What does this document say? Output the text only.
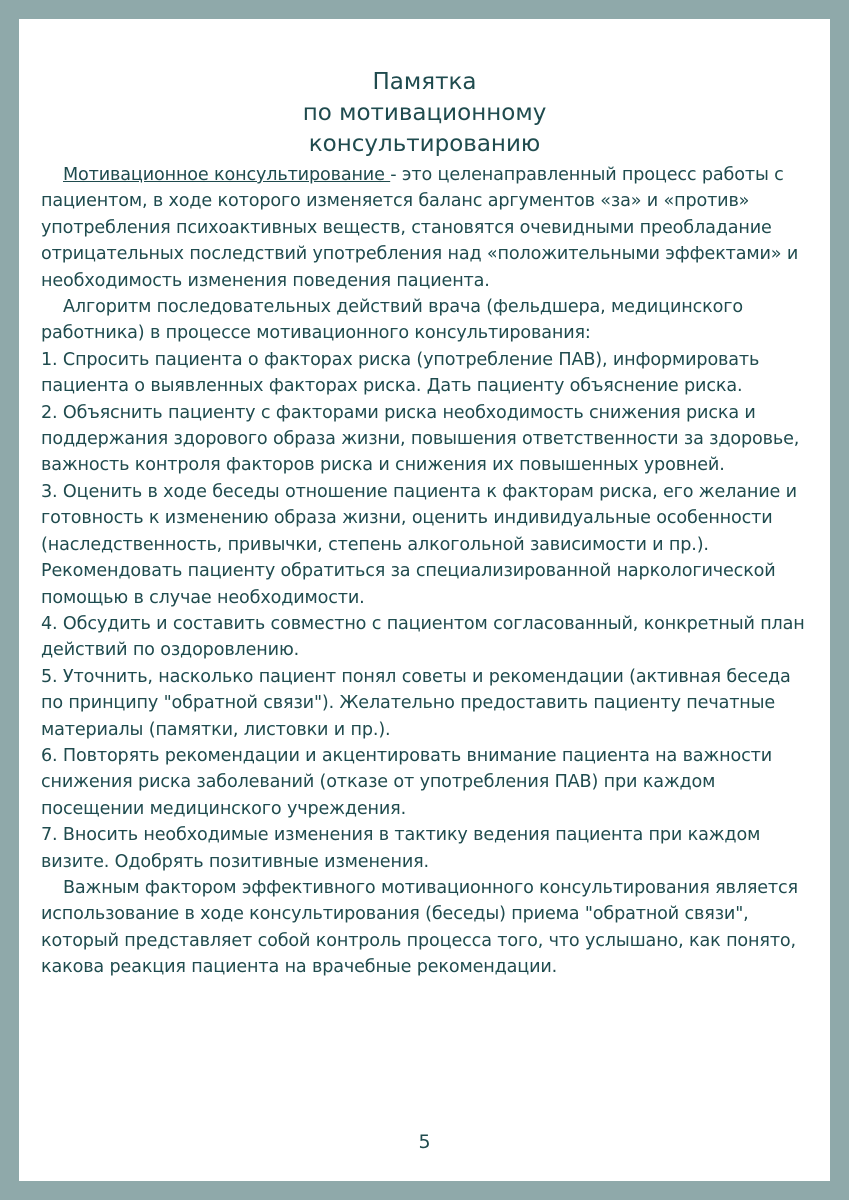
Памятка
по мотивационному
консультированию

Мотивационное консультирование - это целенаправленный процесс работы с пациентом, в ходе которого изменяется баланс аргументов «за» и «против» употребления психоактивных веществ, становятся очевидными преобладание отрицательных последствий употребления над «положительными эффектами» и необходимость изменения поведения пациента.

Алгоритм последовательных действий врача (фельдшера, медицинского работника) в процессе мотивационного консультирования:

1. Спросить пациента о факторах риска (употребление ПАВ), информировать пациента о выявленных факторах риска. Дать пациенту объяснение риска.

2. Объяснить пациенту с факторами риска необходимость снижения риска и поддержания здорового образа жизни, повышения ответственности за здоровье, важность контроля факторов риска и снижения их повышенных уровней.

3. Оценить в ходе беседы отношение пациента к факторам риска, его желание и готовность к изменению образа жизни, оценить индивидуальные особенности (наследственность, привычки, степень алкогольной зависимости и пр.). Рекомендовать пациенту обратиться за специализированной наркологической помощью в случае необходимости.

4. Обсудить и составить совместно с пациентом согласованный, конкретный план действий по оздоровлению.

5. Уточнить, насколько пациент понял советы и рекомендации (активная беседа по принципу "обратной связи"). Желательно предоставить пациенту печатные материалы (памятки, листовки и пр.).

6. Повторять рекомендации и акцентировать внимание пациента на важности снижения риска заболеваний (отказе от употребления ПАВ) при каждом посещении медицинского учреждения.

7. Вносить необходимые изменения в тактику ведения пациента при каждом визите. Одобрять позитивные изменения.

Важным фактором эффективного мотивационного консультирования является использование в ходе консультирования (беседы) приема "обратной связи", который представляет собой контроль процесса того, что услышано, как понято, какова реакция пациента на врачебные рекомендации.

5
